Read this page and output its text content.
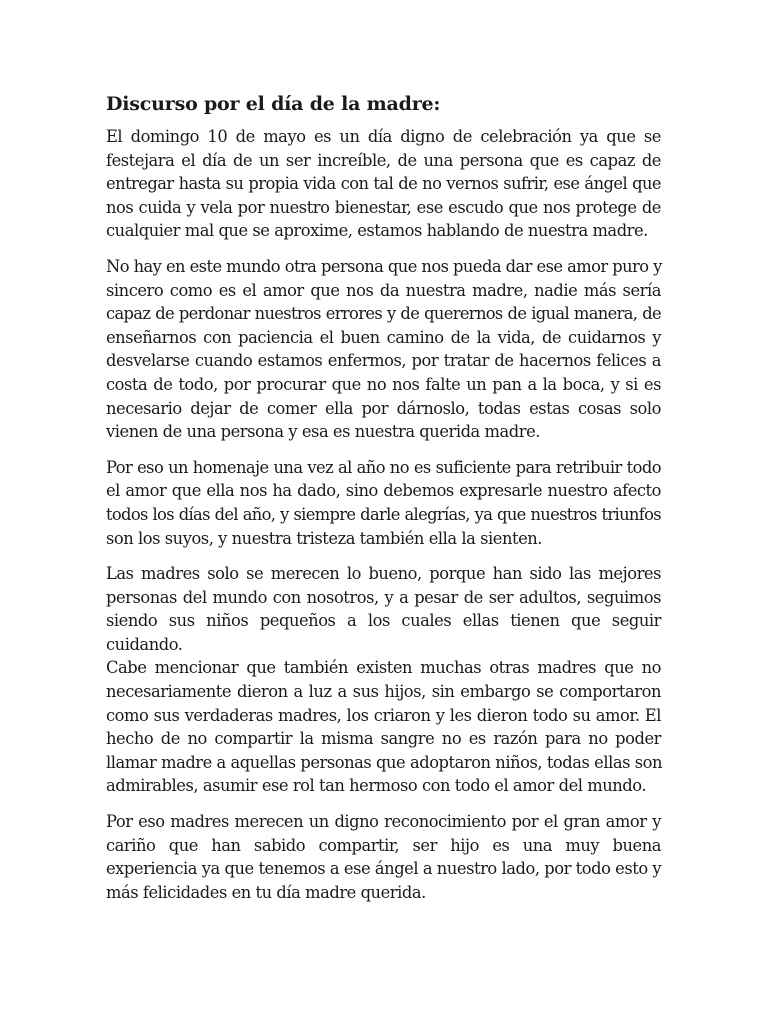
Discurso por el día de la madre:
El domingo 10 de mayo es un día digno de celebración ya que se
festejara el día de un ser increíble, de una persona que es capaz de
entregar hasta su propia vida con tal de no vernos sufrir, ese ángel que
nos cuida y vela por nuestro bienestar, ese escudo que nos protege de
cualquier mal que se aproxime, estamos hablando de nuestra madre.
No hay en este mundo otra persona que nos pueda dar ese amor puro y
sincero como es el amor que nos da nuestra madre, nadie más sería
capaz de perdonar nuestros errores y de querernos de igual manera, de
enseñarnos con paciencia el buen camino de la vida, de cuidarnos y
desvelarse cuando estamos enfermos, por tratar de hacernos felices a
costa de todo, por procurar que no nos falte un pan a la boca, y si es
necesario dejar de comer ella por dárnoslo, todas estas cosas solo
vienen de una persona y esa es nuestra querida madre.
Por eso un homenaje una vez al año no es suficiente para retribuir todo
el amor que ella nos ha dado, sino debemos expresarle nuestro afecto
todos los días del año, y siempre darle alegrías, ya que nuestros triunfos
son los suyos, y nuestra tristeza también ella la sienten.
Las madres solo se merecen lo bueno, porque han sido las mejores
personas del mundo con nosotros, y a pesar de ser adultos, seguimos
siendo sus niños pequeños a los cuales ellas tienen que seguir
cuidando.
Cabe mencionar que también existen muchas otras madres que no
necesariamente dieron a luz a sus hijos, sin embargo se comportaron
como sus verdaderas madres, los criaron y les dieron todo su amor. El
hecho de no compartir la misma sangre no es razón para no poder
llamar madre a aquellas personas que adoptaron niños, todas ellas son
admirables, asumir ese rol tan hermoso con todo el amor del mundo.
Por eso madres merecen un digno reconocimiento por el gran amor y
cariño que han sabido compartir, ser hijo es una muy buena
experiencia ya que tenemos a ese ángel a nuestro lado, por todo esto y
más felicidades en tu día madre querida.
